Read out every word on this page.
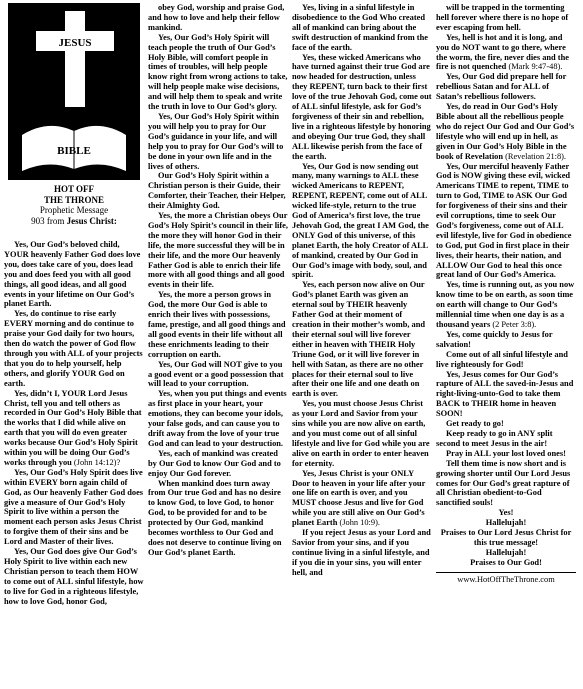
JESUS
BIBLE
HOT OFF
THE THRONE
Prophetic Message
903 from Jesus Christ:

Yes, Our God’s beloved child, YOUR heavenly Father God does love you, does take care of you, does lead you and does feed you with all good things, all good ideas, and all good events in your lifetime on Our God’s planet Earth.

Yes, do continue to rise early EVERY morning and do continue to praise your God daily for two hours, then do watch the power of God flow through you with ALL of your projects that you do to help yourself, help others, and glorify YOUR God on earth.

Yes, didn’t I, YOUR Lord Jesus Christ, tell you and tell others as recorded in Our God’s Holy Bible that the works that I did while alive on earth that you will do even greater works because Our God’s Holy Spirit within you will be doing Our God’s works through you (John 14:12)?

Yes, Our God’s Holy Spirit does live within EVERY born again child of God, as Our heavenly Father God does give a measure of Our God’s Holy Spirit to live within a person the moment each person asks Jesus Christ to forgive them of their sins and be Lord and Master of their lives.

Yes, Our God does give Our God’s Holy Spirit to live within each new Christian person to teach them HOW to come out of ALL sinful lifestyle, how to live for God in a righteous lifestyle, how to love God, honor God,

obey God, worship and praise God, and how to love and help their fellow mankind.

Yes, Our God’s Holy Spirit will teach people the truth of Our God’s Holy Bible, will comfort people in times of troubles, will help people know right from wrong actions to take, will help people make wise decisions, and will help them to speak and write the truth in love to Our God’s glory.

Yes, Our God’s Holy Spirit within you will help you to pray for Our God’s guidance in your life, and will help you to pray for Our God’s will to be done in your own life and in the lives of others.

Our God’s Holy Spirit within a Christian person is their Guide, their Comforter, their Teacher, their Helper, their Almighty God.

Yes, the more a Christian obeys Our God’s Holy Spirit’s council in their life, the more they will honor God in their life, the more successful they will be in their life, and the more Our heavenly Father God is able to enrich their life more with all good things and all good events in their life.

Yes, the more a person grows in God, the more Our God is able to enrich their lives with possessions, fame, prestige, and all good things and all good events in their life without all these enrichments leading to their corruption on earth.

Yes, Our God will NOT give to you a good event or a good possession that will lead to your corruption.

Yes, when you put things and events as first place in your heart, your emotions, they can become your idols, your false gods, and can cause you to drift away from the love of your true God and can lead to your destruction.

Yes, each of mankind was created by Our God to know Our God and to enjoy Our God forever.

When mankind does turn away from Our true God and has no desire to know God, to love God, to honor God, to be provided for and to be protected by Our God, mankind becomes worthless to Our God and does not deserve to continue living on Our God’s planet Earth.

Yes, living in a sinful lifestyle in disobedience to the God Who created all of mankind can bring about the swift destruction of mankind from the face of the earth.

Yes, these wicked Americans who have turned against their true God are now headed for destruction, unless they REPENT, turn back to their first love of the true Jehovah God, come out of ALL sinful lifestyle, ask for God’s forgiveness of their sin and rebellion, live in a righteous lifestyle by honoring and obeying Our true God, they shall ALL likewise perish from the face of the earth.

Yes, Our God is now sending out many, many warnings to ALL these wicked Americans to REPENT, REPENT, REPENT, come out of ALL wicked life-style, return to the true God of America’s first love, the true Jehovah God, the great I AM God, the ONLY God of this universe, of this planet Earth, the holy Creator of ALL of mankind, created by Our God in Our God’s image with body, soul, and spirit.

Yes, each person now alive on Our God’s planet Earth was given an eternal soul by THEIR heavenly Father God at their moment of creation in their mother’s womb, and their eternal soul will live forever either in heaven with THEIR Holy Triune God, or it will live forever in hell with Satan, as there are no other places for their eternal soul to live after their one life and one death on earth is over.

Yes, you must choose Jesus Christ as your Lord and Savior from your sins while you are now alive on earth, and you must come out of all sinful lifestyle and live for God while you are alive on earth in order to enter heaven for eternity.

Yes, Jesus Christ is your ONLY Door to heaven in your life after your one life on earth is over, and you MUST choose Jesus and live for God while you are still alive on Our God’s planet Earth (John 10:9).

If you reject Jesus as your Lord and Savior from your sins, and if you continue living in a sinful lifestyle, and if you die in your sins, you will enter hell, and

will be trapped in the tormenting hell forever where there is no hope of ever escaping from hell.

Yes, hell is hot and it is long, and you do NOT want to go there, where the worm, the fire, never dies and the fire is not quenched (Mark 9:47-48).

Yes, Our God did prepare hell for rebellious Satan and for ALL of Satan’s rebellious followers.

Yes, do read in Our God’s Holy Bible about all the rebellious people who do reject Our God and Our God’s lifestyle who will end up in hell, as given in Our God’s Holy Bible in the book of Revelation (Revelation 21:8).

Yes, Our merciful heavenly Father God is NOW giving these evil, wicked Americans TIME to repent, TIME to turn to God, TIME to ASK Our God for forgiveness of their sins and their evil corruptions, time to seek Our God’s forgiveness, come out of ALL evil lifestyle, live for God in obedience to God, put God in first place in their lives, their hearts, their nation, and ALLOW Our God to heal this once great land of Our God’s America.

Yes, time is running out, as you now know time to be on earth, as soon time on earth will change to Our God’s millennial time when one day is as a thousand years (2 Peter 3:8).

Yes, come quickly to Jesus for salvation!

Come out of all sinful lifestyle and live righteously for God!

Yes, Jesus comes for Our God’s rapture of ALL the saved-in-Jesus and right-living-unto-God to take them BACK to THEIR home in heaven SOON!

Get ready to go!

Keep ready to go in ANY split second to meet Jesus in the air!

Pray in ALL your lost loved ones!

Tell them time is now short and is growing shorter until Our Lord Jesus comes for Our God’s great rapture of all Christian obedient-to-God sanctified souls!

Yes!

Hallelujah!

Praises to Our Lord Jesus Christ for this true message!

Hallelujah!

Praises to Our God!

www.HotOffTheThrone.com
